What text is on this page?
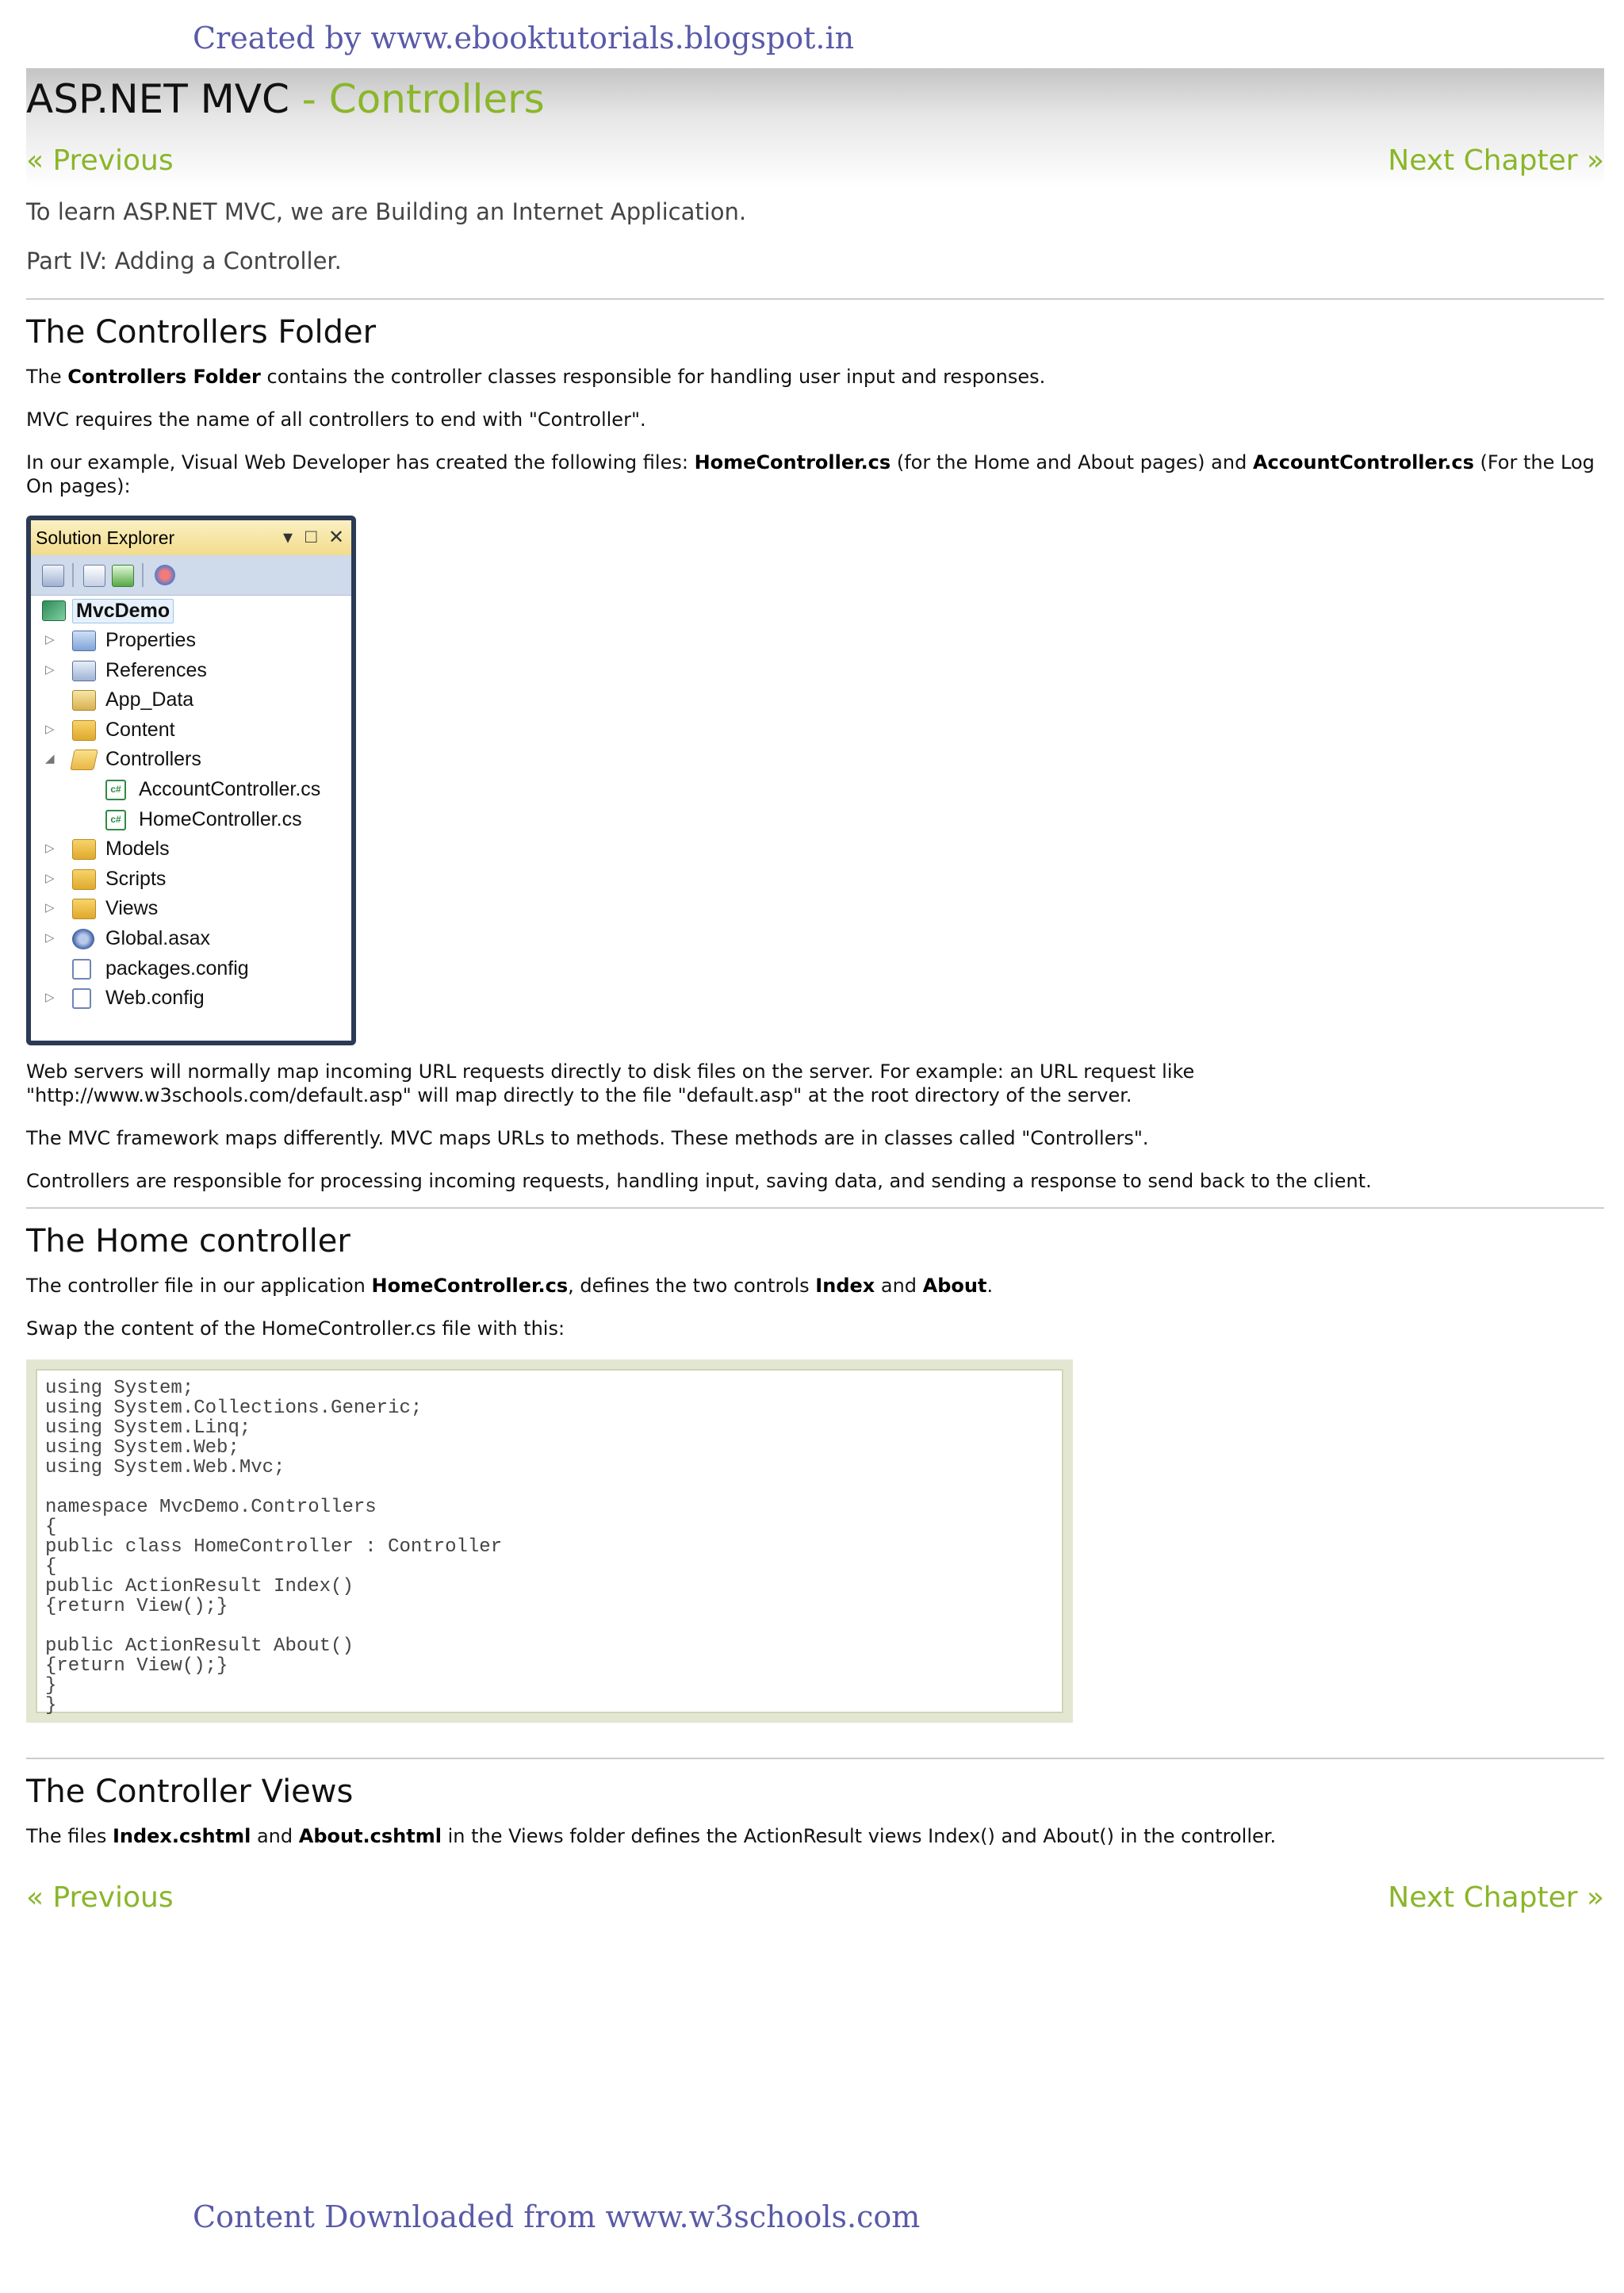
Created by www.ebooktutorials.blogspot.in
ASP.NET MVC - Controllers
« Previous	Next Chapter »

To learn ASP.NET MVC, we are Building an Internet Application.

Part IV: Adding a Controller.

The Controllers Folder

The Controllers Folder contains the controller classes responsible for handling user input and responses.

MVC requires the name of all controllers to end with "Controller".

In our example, Visual Web Developer has created the following files: HomeController.cs (for the Home and About pages) and AccountController.cs (For the Log On pages):

Solution Explorer	▾ □ ✕
MvcDemo
▷	Properties
▷	References
App_Data
▷	Content
◢	Controllers
c# AccountController.cs
c# HomeController.cs
▷	Models
▷	Scripts
▷	Views
▷	Global.asax
packages.config
▷	Web.config

Web servers will normally map incoming URL requests directly to disk files on the server. For example: an URL request like "http://www.w3schools.com/default.asp" will map directly to the file "default.asp" at the root directory of the server.

The MVC framework maps differently. MVC maps URLs to methods. These methods are in classes called "Controllers".

Controllers are responsible for processing incoming requests, handling input, saving data, and sending a response to send back to the client.

The Home controller

The controller file in our application HomeController.cs, defines the two controls Index and About.

Swap the content of the HomeController.cs file with this:

using System;
using System.Collections.Generic;
using System.Linq;
using System.Web;
using System.Web.Mvc;

namespace MvcDemo.Controllers
{
public class HomeController : Controller
{
public ActionResult Index()
{return View();}

public ActionResult About()
{return View();}
}
}
The Controller Views

The files Index.cshtml and About.cshtml in the Views folder defines the ActionResult views Index() and About() in the controller.

« Previous	Next Chapter »
Content Downloaded from www.w3schools.com
